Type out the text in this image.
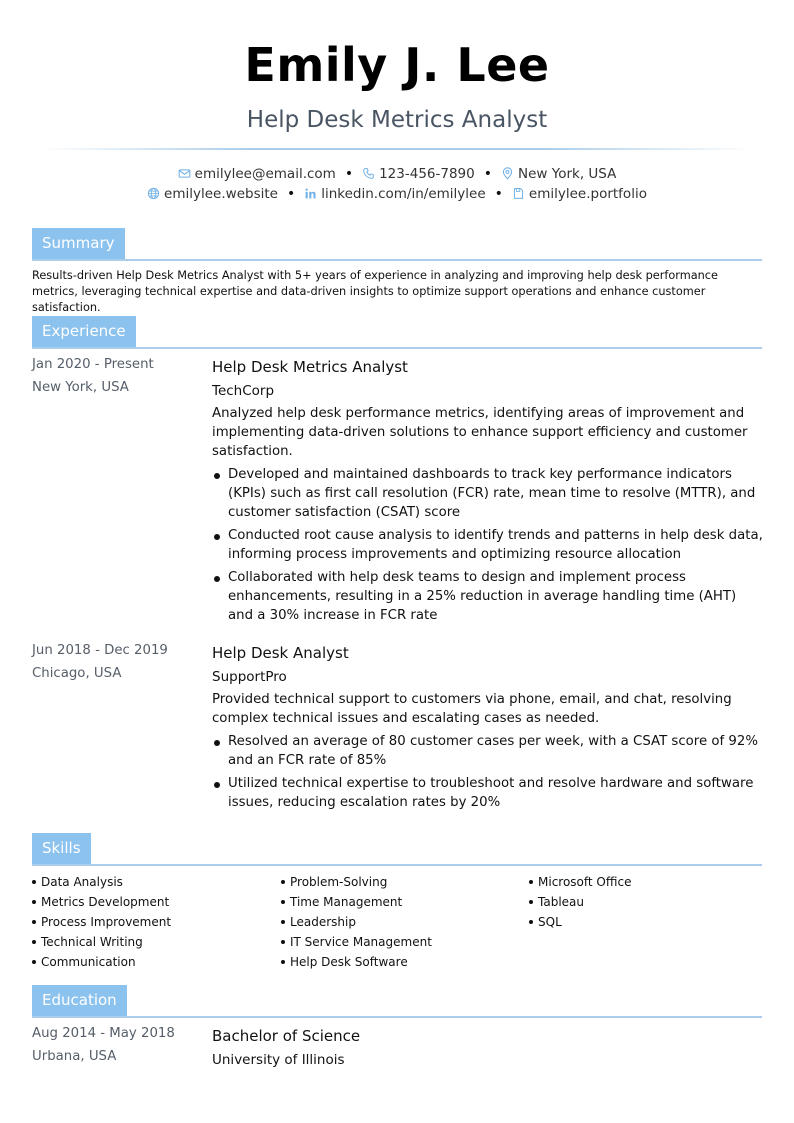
Emily J. Lee
Help Desk Metrics Analyst
emilylee@email.com • 123-456-7890 • New York, USA
emilylee.website • linkedin.com/in/emilylee • emilylee.portfolio
Summary
Results-driven Help Desk Metrics Analyst with 5+ years of experience in analyzing and improving help desk performance metrics, leveraging technical expertise and data-driven insights to optimize support operations and enhance customer satisfaction.
Experience
Jan 2020 - Present
New York, USA
Help Desk Metrics Analyst
TechCorp
Analyzed help desk performance metrics, identifying areas of improvement and implementing data-driven solutions to enhance support efficiency and customer satisfaction.
Developed and maintained dashboards to track key performance indicators (KPIs) such as first call resolution (FCR) rate, mean time to resolve (MTTR), and customer satisfaction (CSAT) score
Conducted root cause analysis to identify trends and patterns in help desk data, informing process improvements and optimizing resource allocation
Collaborated with help desk teams to design and implement process enhancements, resulting in a 25% reduction in average handling time (AHT) and a 30% increase in FCR rate
Jun 2018 - Dec 2019
Chicago, USA
Help Desk Analyst
SupportPro
Provided technical support to customers via phone, email, and chat, resolving complex technical issues and escalating cases as needed.
Resolved an average of 80 customer cases per week, with a CSAT score of 92% and an FCR rate of 85%
Utilized technical expertise to troubleshoot and resolve hardware and software issues, reducing escalation rates by 20%
Skills
Data Analysis
Metrics Development
Process Improvement
Technical Writing
Communication
Problem-Solving
Time Management
Leadership
IT Service Management
Help Desk Software
Microsoft Office
Tableau
SQL
Education
Aug 2014 - May 2018
Urbana, USA
Bachelor of Science
University of Illinois
